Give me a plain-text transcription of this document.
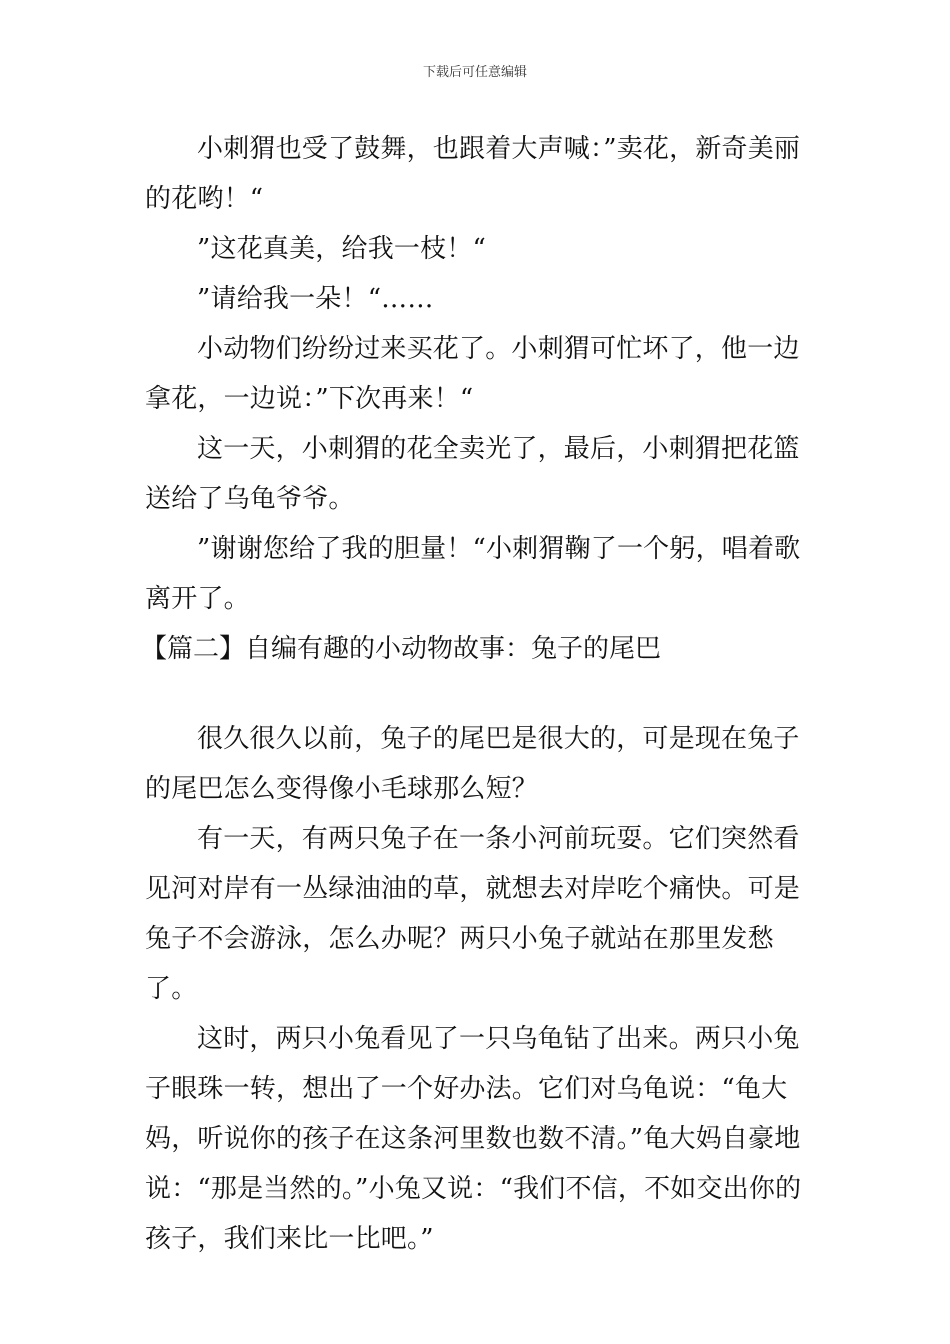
下载后可任意编辑

小刺猬也受了鼓舞，也跟着大声喊：”卖花，新奇美丽的花哟！“

”这花真美，给我一枝！“

”请给我一朵！“……

小动物们纷纷过来买花了。小刺猬可忙坏了，他一边拿花，一边说：”下次再来！“

这一天，小刺猬的花全卖光了，最后，小刺猬把花篮送给了乌龟爷爷。

”谢谢您给了我的胆量！“小刺猬鞠了一个躬，唱着歌离开了。

【篇二】自编有趣的小动物故事：兔子的尾巴

很久很久以前，兔子的尾巴是很大的，可是现在兔子的尾巴怎么变得像小毛球那么短？

有一天，有两只兔子在一条小河前玩耍。它们突然看见河对岸有一丛绿油油的草，就想去对岸吃个痛快。可是兔子不会游泳，怎么办呢？两只小兔子就站在那里发愁了。

这时，两只小兔看见了一只乌龟钻了出来。两只小兔子眼珠一转，想出了一个好办法。它们对乌龟说：“龟大妈，听说你的孩子在这条河里数也数不清。”龟大妈自豪地说：“那是当然的。”小兔又说：“我们不信，不如交出你的孩子，我们来比一比吧。”
